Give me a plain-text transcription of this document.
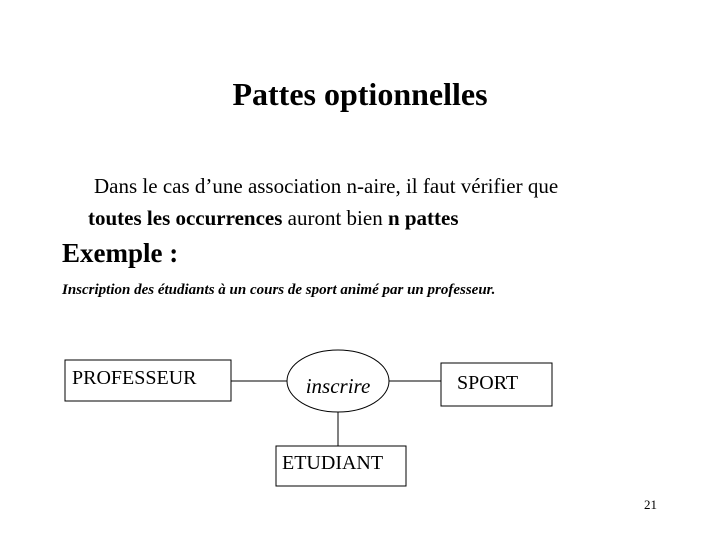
Pattes optionnelles
Dans le cas d’une association n-aire, il faut vérifier que
toutes les occurrences auront bien n pattes
Exemple :
Inscription des étudiants à un cours de sport animé par un professeur.
PROFESSEUR	inscrire	SPORT
ETUDIANT
21
